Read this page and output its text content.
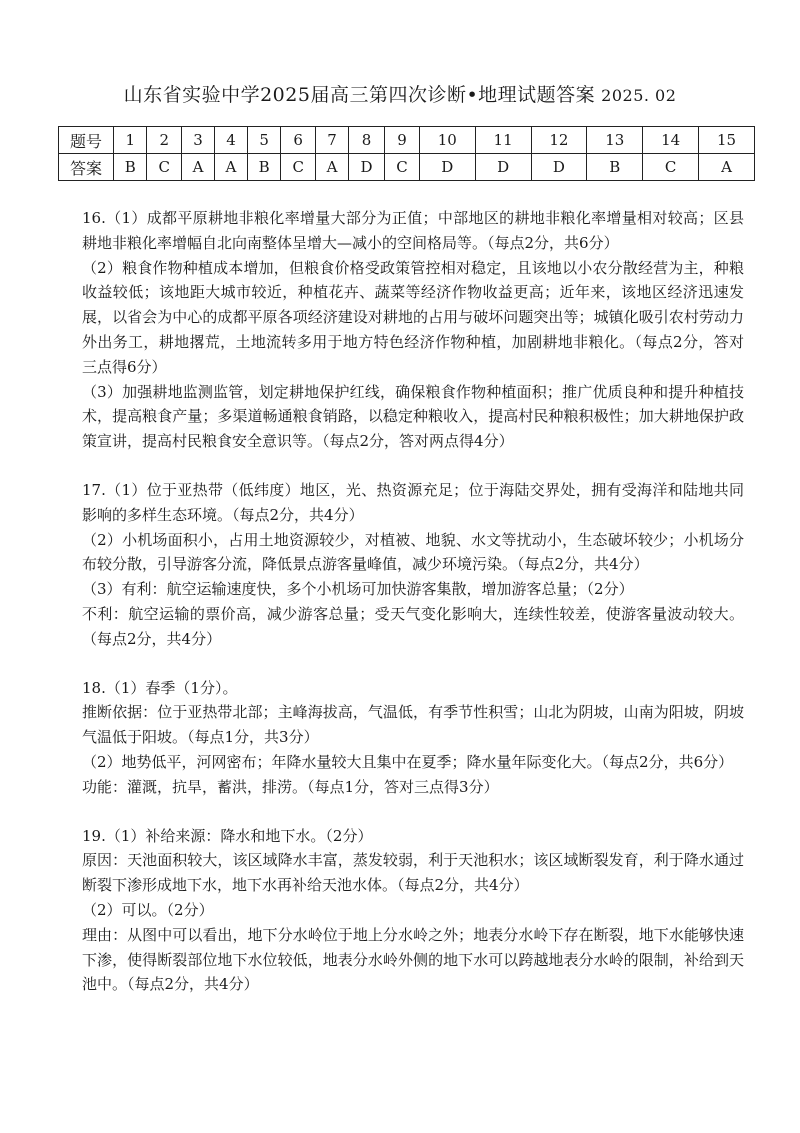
山东省实验中学2025届高三第四次诊断•地理试题答案 2025. 02
题号	1	2	3	4	5	6	7	8	9	10	11	12	13	14	15
答案	B	C	A	A	B	C	A	D	C	D	D	D	B	C	A

16.（1）成都平原耕地非粮化率增量大部分为正值；中部地区的耕地非粮化率增量相对较高；区县耕地非粮化率增幅自北向南整体呈增大—减小的空间格局等。（每点2分，共6分）

（2）粮食作物种植成本增加，但粮食价格受政策管控相对稳定，且该地以小农分散经营为主，种粮收益较低；该地距大城市较近，种植花卉、蔬菜等经济作物收益更高；近年来，该地区经济迅速发展，以省会为中心的成都平原各项经济建设对耕地的占用与破坏问题突出等；城镇化吸引农村劳动力外出务工，耕地撂荒，土地流转多用于地方特色经济作物种植，加剧耕地非粮化。（每点2分，答对三点得6分）

（3）加强耕地监测监管，划定耕地保护红线，确保粮食作物种植面积；推广优质良种和提升种植技术，提高粮食产量；多渠道畅通粮食销路，以稳定种粮收入，提高村民种粮积极性；加大耕地保护政策宣讲，提高村民粮食安全意识等。（每点2分，答对两点得4分）

17.（1）位于亚热带（低纬度）地区，光、热资源充足；位于海陆交界处，拥有受海洋和陆地共同影响的多样生态环境。（每点2分，共4分）

（2）小机场面积小，占用土地资源较少，对植被、地貌、水文等扰动小，生态破坏较少；小机场分布较分散，引导游客分流，降低景点游客量峰值，减少环境污染。（每点2分，共4分）

（3）有利：航空运输速度快，多个小机场可加快游客集散，增加游客总量；（2分）

不利：航空运输的票价高，减少游客总量；受天气变化影响大，连续性较差，使游客量波动较大。（每点2分，共4分）

18.（1）春季（1分）。

推断依据：位于亚热带北部；主峰海拔高，气温低，有季节性积雪；山北为阴坡，山南为阳坡，阴坡气温低于阳坡。（每点1分，共3分）

（2）地势低平，河网密布；年降水量较大且集中在夏季；降水量年际变化大。（每点2分，共6分）

功能：灌溉，抗旱，蓄洪，排涝。（每点1分，答对三点得3分）

19.（1）补给来源：降水和地下水。（2分）

原因：天池面积较大，该区域降水丰富，蒸发较弱，利于天池积水；该区域断裂发育，利于降水通过断裂下渗形成地下水，地下水再补给天池水体。（每点2分，共4分）

（2）可以。（2分）

理由：从图中可以看出，地下分水岭位于地上分水岭之外；地表分水岭下存在断裂，地下水能够快速下渗，使得断裂部位地下水位较低，地表分水岭外侧的地下水可以跨越地表分水岭的限制，补给到天池中。（每点2分，共4分）
